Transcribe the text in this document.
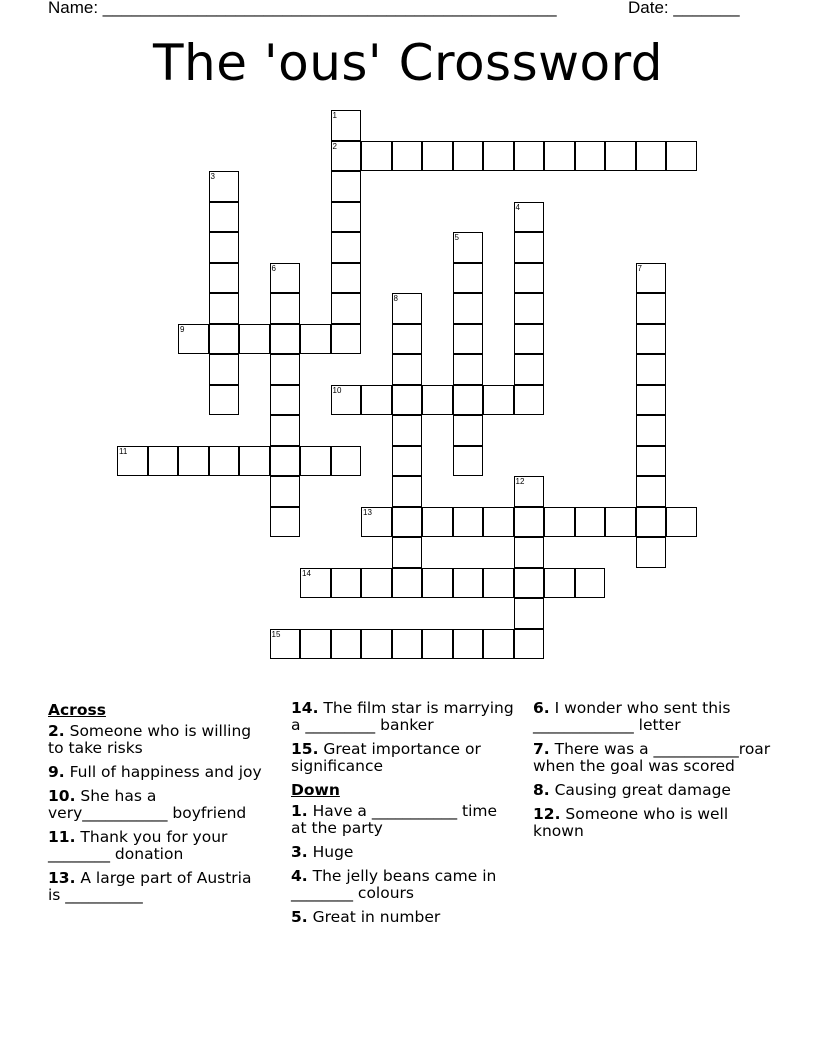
Name: ________________________________________________	Date: _______
The 'ous' Crossword
1
2
3
4
5
6	7
8
9
10
11
12
13
14
15
Across
2. Someone who is willing to take risks
9. Full of happiness and joy
10. She has a very___________ boyfriend
11. Thank you for your ________ donation
13. A large part of Austria is __________
14. The film star is marrying a _________ banker
15. Great importance or significance
Down
1. Have a ___________ time at the party
3. Huge
4. The jelly beans came in ________ colours
5. Great in number
6. I wonder who sent this _____________ letter
7. There was a ___________roar when the goal was scored
8. Causing great damage
12. Someone who is well known
